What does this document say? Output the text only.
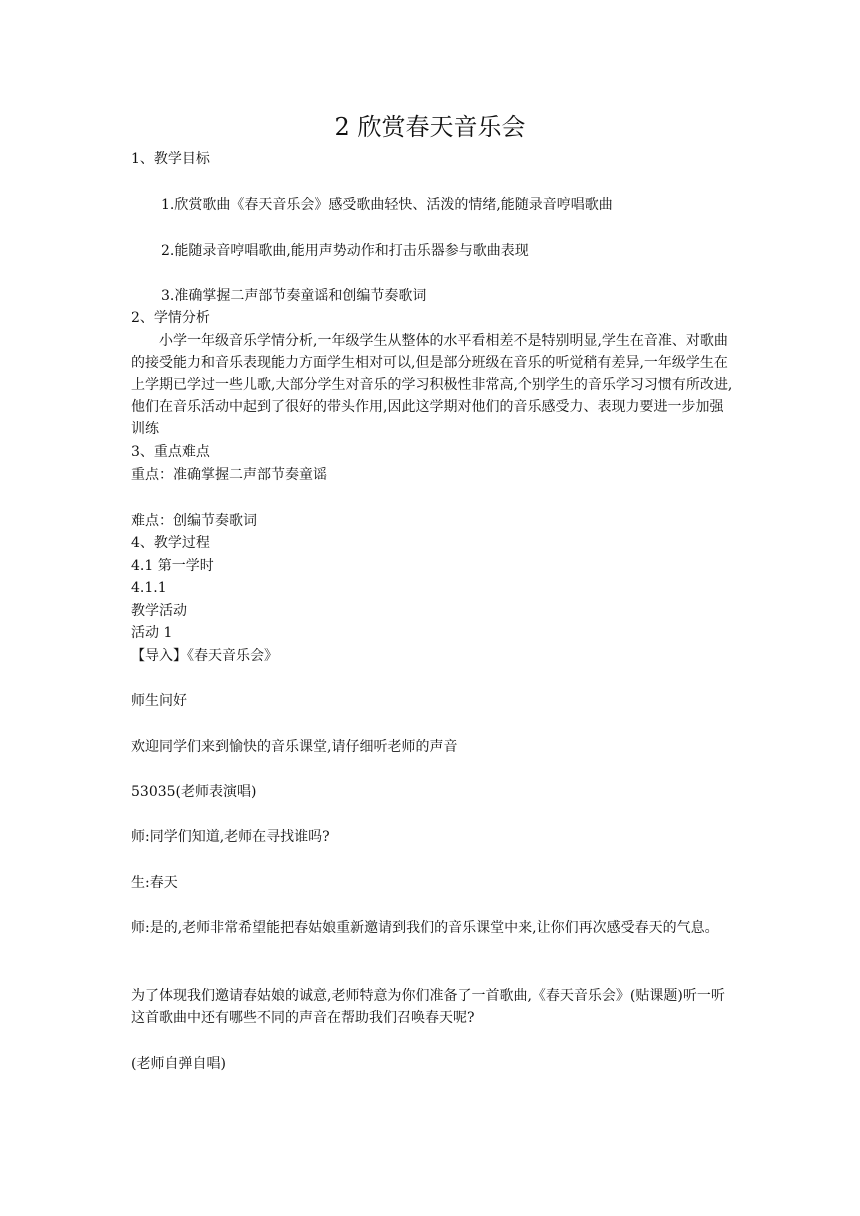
2 欣赏春天音乐会
1、教学目标
1.欣赏歌曲《春天音乐会》感受歌曲轻快、活泼的情绪,能随录音哼唱歌曲
2.能随录音哼唱歌曲,能用声势动作和打击乐器参与歌曲表现
3.准确掌握二声部节奏童谣和创编节奏歌词
2、学情分析
小学一年级音乐学情分析,一年级学生从整体的水平看相差不是特别明显,学生在音准、对歌曲的接受能力和音乐表现能力方面学生相对可以,但是部分班级在音乐的听觉稍有差异,一年级学生在上学期已学过一些儿歌,大部分学生对音乐的学习积极性非常高,个别学生的音乐学习习惯有所改进,他们在音乐活动中起到了很好的带头作用,因此这学期对他们的音乐感受力、表现力要进一步加强训练
3、重点难点
重点：准确掌握二声部节奏童谣
难点：创编节奏歌词
4、教学过程
4.1 第一学时
4.1.1
教学活动
活动 1
【导入】《春天音乐会》
师生问好
欢迎同学们来到愉快的音乐课堂,请仔细听老师的声音
53035(老师表演唱)
师:同学们知道,老师在寻找谁吗?
生:春天
师:是的,老师非常希望能把春姑娘重新邀请到我们的音乐课堂中来,让你们再次感受春天的气息。
为了体现我们邀请春姑娘的诚意,老师特意为你们准备了一首歌曲,《春天音乐会》(贴课题)听一听这首歌曲中还有哪些不同的声音在帮助我们召唤春天呢?
(老师自弹自唱)
